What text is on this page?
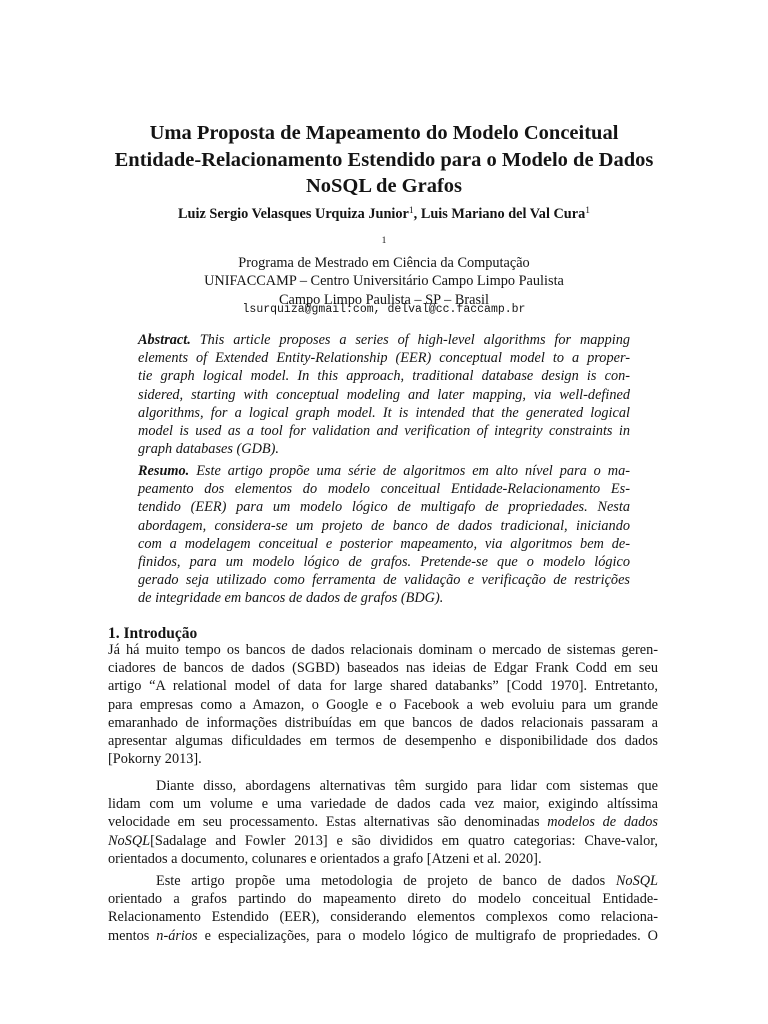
Uma Proposta de Mapeamento do Modelo Conceitual
Entidade-Relacionamento Estendido para o Modelo de Dados
NoSQL de Grafos
Luiz Sergio Velasques Urquiza Junior$^1$, Luis Mariano del Val Cura$^1$
$^1$
Programa de Mestrado em Ciência da Computação
UNIFACCAMP – Centro Universitário Campo Limpo Paulista
Campo Limpo Paulista – SP – Brasil
lsurquiza@gmail.com, delval@cc.faccamp.br
Abstract. This article proposes a series of high-level algorithms for mapping
elements of Extended Entity-Relationship (EER) conceptual model to a proper-
tie graph logical model. In this approach, traditional database design is con-
sidered, starting with conceptual modeling and later mapping, via well-defined
algorithms, for a logical graph model. It is intended that the generated logical
model is used as a tool for validation and verification of integrity constraints in
graph databases (GDB).
Resumo. Este artigo propõe uma série de algoritmos em alto nível para o ma-
peamento dos elementos do modelo conceitual Entidade-Relacionamento Es-
tendido (EER) para um modelo lógico de multigafo de propriedades. Nesta
abordagem, considera-se um projeto de banco de dados tradicional, iniciando
com a modelagem conceitual e posterior mapeamento, via algoritmos bem de-
finidos, para um modelo lógico de grafos. Pretende-se que o modelo lógico
gerado seja utilizado como ferramenta de validação e verificação de restrições
de integridade em bancos de dados de grafos (BDG).
1. Introdução
Já há muito tempo os bancos de dados relacionais dominam o mercado de sistemas geren-
ciadores de bancos de dados (SGBD) baseados nas ideias de Edgar Frank Codd em seu
artigo “A relational model of data for large shared databanks” [Codd 1970]. Entretanto,
para empresas como a Amazon, o Google e o Facebook a web evoluiu para um grande
emaranhado de informações distribuídas em que bancos de dados relacionais passaram a
apresentar algumas dificuldades em termos de desempenho e disponibilidade dos dados
[Pokorny 2013].
Diante disso, abordagens alternativas têm surgido para lidar com sistemas que
lidam com um volume e uma variedade de dados cada vez maior, exigindo altíssima
velocidade em seu processamento. Estas alternativas são denominadas modelos de dados
NoSQL[Sadalage and Fowler 2013] e são divididos em quatro categorias: Chave-valor,
orientados a documento, colunares e orientados a grafo [Atzeni et al. 2020].
Este artigo propõe uma metodologia de projeto de banco de dados NoSQL
orientado a grafos partindo do mapeamento direto do modelo conceitual Entidade-
Relacionamento Estendido (EER), considerando elementos complexos como relaciona-
mentos n-ários e especializações, para o modelo lógico de multigrafo de propriedades. O
